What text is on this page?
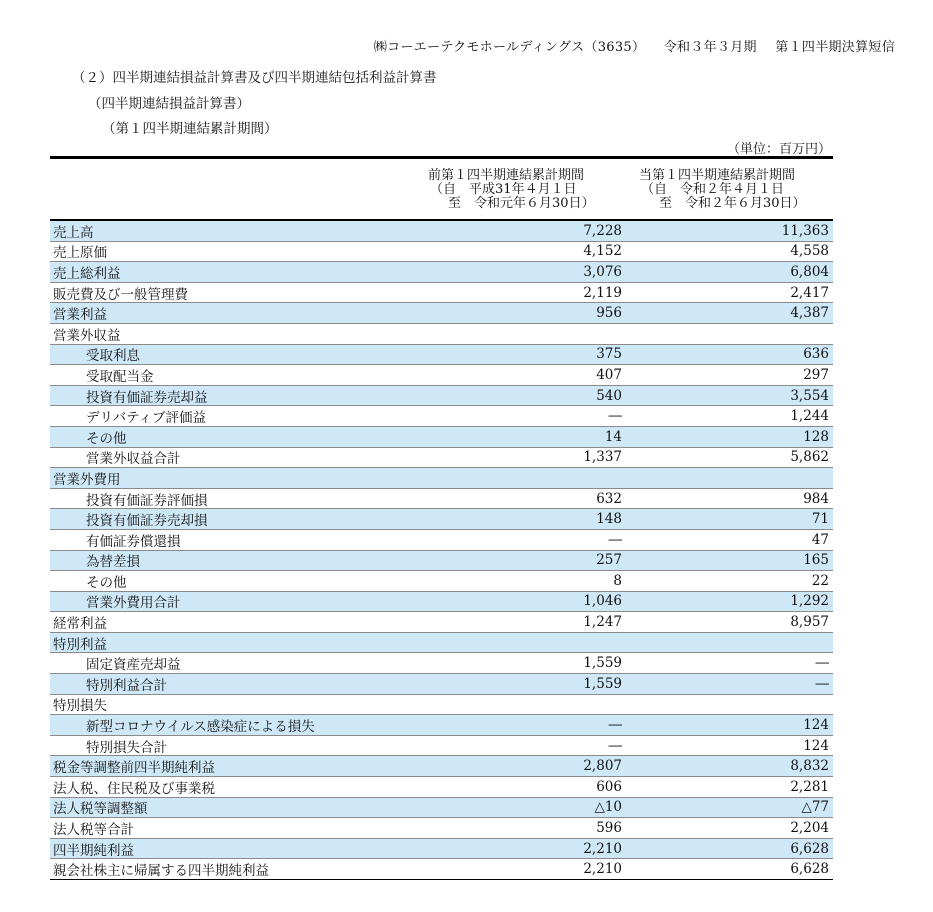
㈱コーエーテクモホールディングス（3635） 令和３年３月期 第１四半期決算短信
（２）四半期連結損益計算書及び四半期連結包括利益計算書
（四半期連結損益計算書）
（第１四半期連結累計期間）
（単位：百万円）
前第１四半期連結累計期間
（自　平成31年４月１日
至　令和元年６月30日）
当第１四半期連結累計期間
（自　令和２年４月１日
至　令和２年６月30日）
売上高	7,228	11,363
売上原価	4,152	4,558
売上総利益	3,076	6,804
販売費及び一般管理費	2,119	2,417
営業利益	956	4,387
営業外収益
受取利息	375	636
受取配当金	407	297
投資有価証券売却益	540	3,554
デリバティブ評価益	―	1,244
その他	14	128
営業外収益合計	1,337	5,862
営業外費用
投資有価証券評価損	632	984
投資有価証券売却損	148	71
有価証券償還損	―	47
為替差損	257	165
その他	8	22
営業外費用合計	1,046	1,292
経常利益	1,247	8,957
特別利益
固定資産売却益	1,559	―
特別利益合計	1,559	―
特別損失
新型コロナウイルス感染症による損失	―	124
特別損失合計	―	124
税金等調整前四半期純利益	2,807	8,832
法人税、住民税及び事業税	606	2,281
法人税等調整額	△10	△77
法人税等合計	596	2,204
四半期純利益	2,210	6,628
親会社株主に帰属する四半期純利益	2,210	6,628
